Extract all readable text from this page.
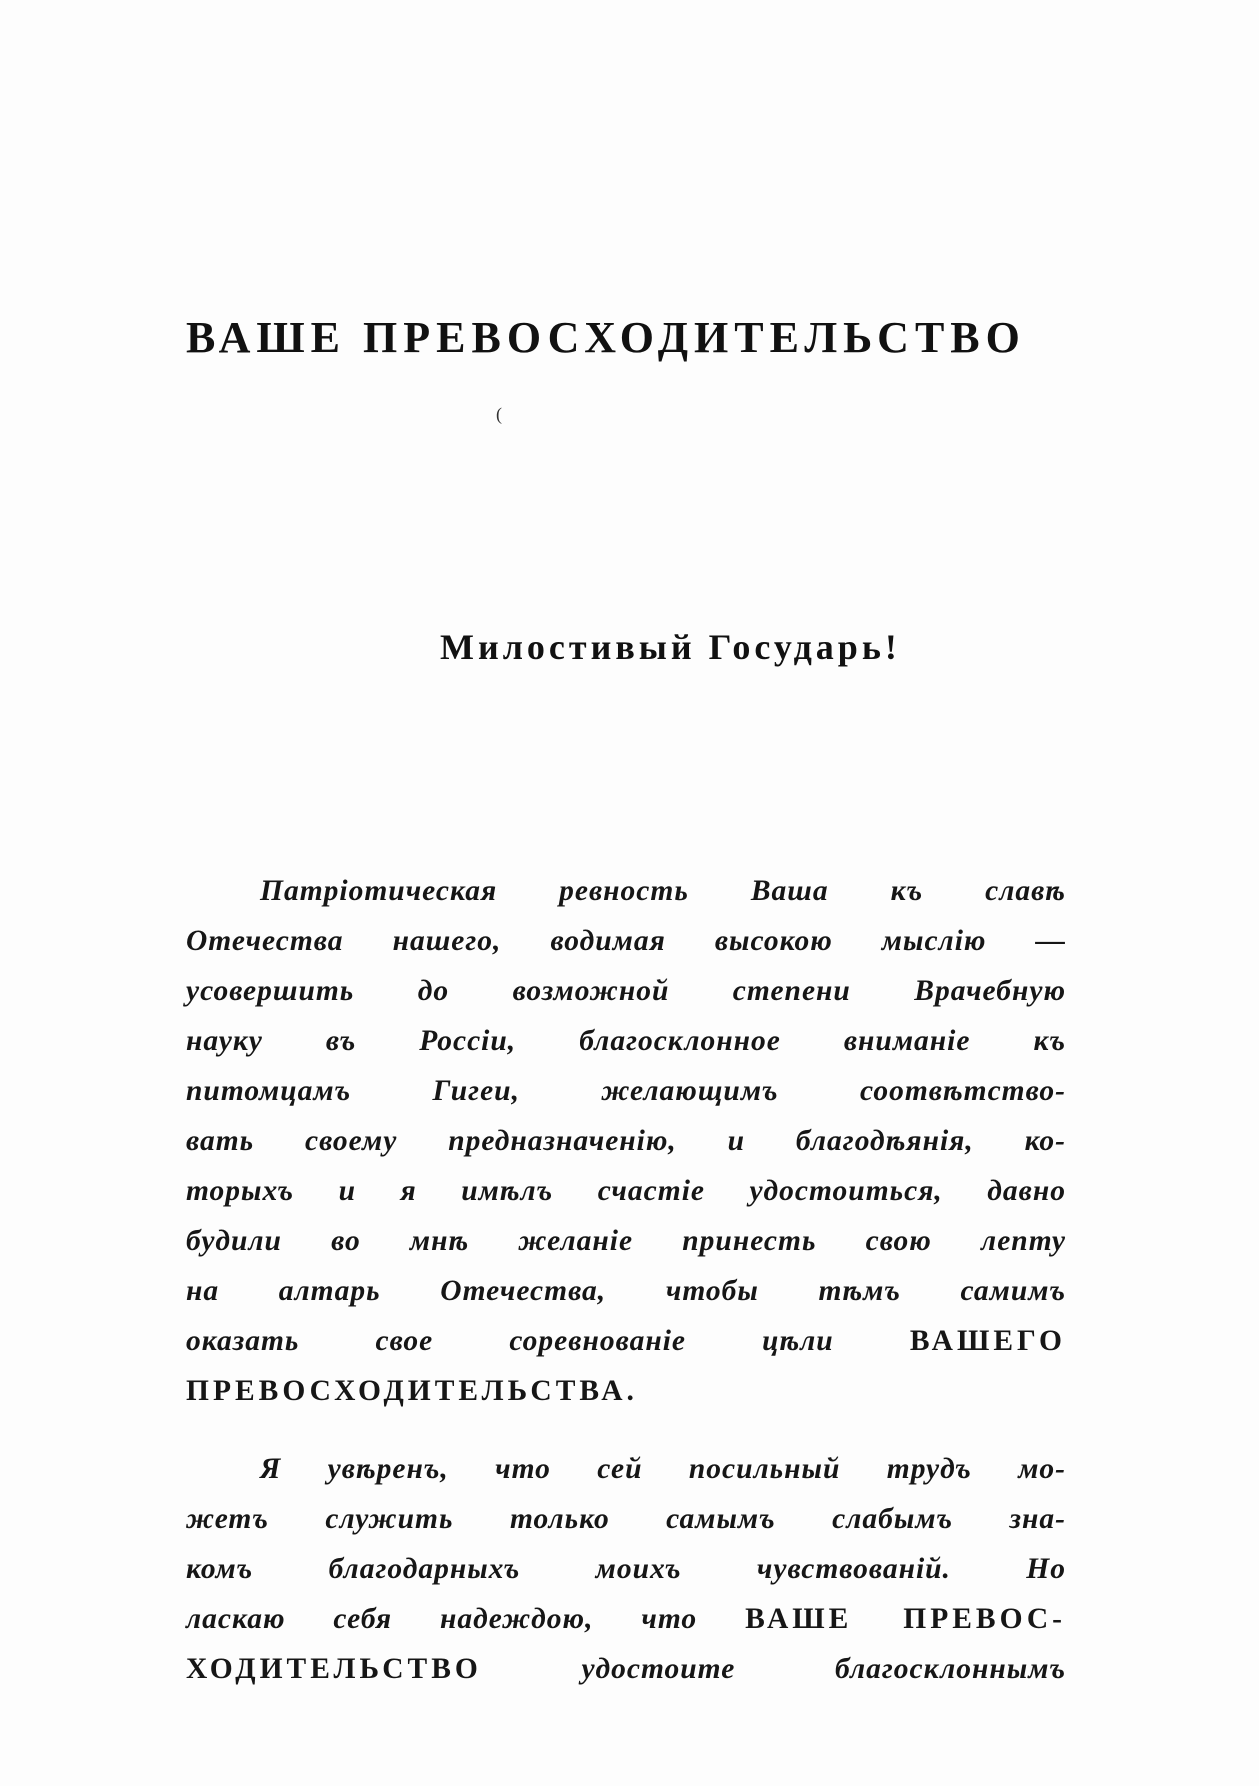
ВАШЕ ПРЕВОСХОДИТЕЛЬСТВО
(
Милостивый Государь!
Патріотическая ревность Ваша къ славѣ
Отечества нашего, водимая высокою мыслію —
усовершить до возможной степени Врачебную
науку въ Россіи, благосклонное вниманіе къ
питомцамъ Гигеи, желающимъ соотвѣтство-
вать своему предназначенію, и благодѣянія, ко-
торыхъ и я имѣлъ счастіе удостоиться, давно
будили во мнѣ желаніе принесть свою лепту
на алтарь Отечества, чтобы тѣмъ самимъ
оказать свое соревнованіе цѣли	ВАШЕГО
ПРЕВОСХОДИТЕЛЬСТВА.
Я увѣренъ, что сей посильный трудъ мо-
жетъ служить только самымъ слабымъ зна-
комъ благодарныхъ моихъ чувствованій. Но
ласкаю себя надеждою, что ВАШЕ ПРЕВОС-
ХОДИТЕЛЬСТВО	удостоите благосклоннымъ
